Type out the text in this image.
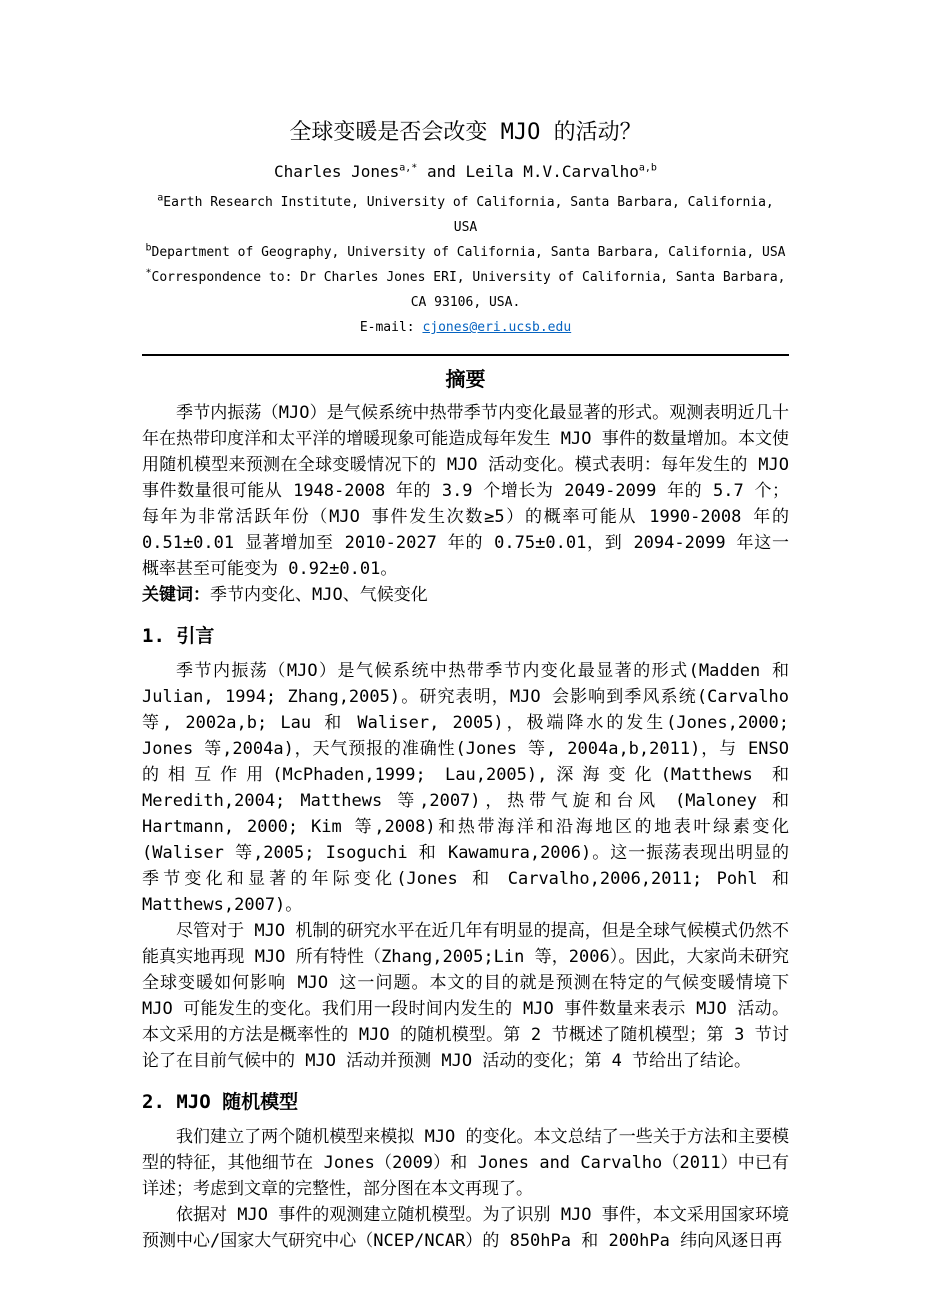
全球变暖是否会改变 MJO 的活动？
Charles Jones$^{a,*}$ and Leila M.V.Carvalho$^{a,b}$
$^a$Earth Research Institute, University of California, Santa Barbara, California, USA
$^b$Department of Geography, University of California, Santa Barbara, California, USA
*Correspondence to: Dr Charles Jones ERI, University of California, Santa Barbara,
CA 93106, USA.
E-mail: cjones@eri.ucsb.edu
摘要

季节内振荡（MJO）是气候系统中热带季节内变化最显著的形式。观测表明近几十年在热带印度洋和太平洋的增暖现象可能造成每年发生 MJO 事件的数量增加。本文使用随机模型来预测在全球变暖情况下的 MJO 活动变化。模式表明：每年发生的 MJO 事件数量很可能从 1948-2008 年的 3.9 个增长为 2049-2099 年的 5.7 个；每年为非常活跃年份（MJO 事件发生次数≥5）的概率可能从 1990-2008 年的 0.51±0.01 显著增加至 2010-2027 年的 0.75±0.01，到 2094-2099 年这一概率甚至可能变为 0.92±0.01。

关键词：季节内变化、MJO、气候变化

1. 引言

季节内振荡（MJO）是气候系统中热带季节内变化最显著的形式(Madden 和 Julian, 1994; Zhang,2005)。研究表明，MJO 会影响到季风系统(Carvalho 等, 2002a,b; Lau 和 Waliser, 2005)，极端降水的发生(Jones,2000; Jones 等,2004a)，天气预报的准确性(Jones 等, 2004a,b,2011)，与 ENSO 的相互作用(McPhaden,1999; Lau,2005),深海变化(Matthews 和 Meredith,2004; Matthews 等,2007)，热带气旋和台风 (Maloney 和 Hartmann, 2000; Kim 等,2008)和热带海洋和沿海地区的地表叶绿素变化(Waliser 等,2005; Isoguchi 和 Kawamura,2006)。这一振荡表现出明显的季节变化和显著的年际变化(Jones 和 Carvalho,2006,2011; Pohl 和 Matthews,2007)。

尽管对于 MJO 机制的研究水平在近几年有明显的提高，但是全球气候模式仍然不能真实地再现 MJO 所有特性（Zhang,2005;Lin 等，2006）。因此，大家尚未研究全球变暖如何影响 MJO 这一问题。本文的目的就是预测在特定的气候变暖情境下 MJO 可能发生的变化。我们用一段时间内发生的 MJO 事件数量来表示 MJO 活动。本文采用的方法是概率性的 MJO 的随机模型。第 2 节概述了随机模型；第 3 节讨论了在目前气候中的 MJO 活动并预测 MJO 活动的变化；第 4 节给出了结论。

2. MJO 随机模型

我们建立了两个随机模型来模拟 MJO 的变化。本文总结了一些关于方法和主要模型的特征，其他细节在 Jones（2009）和 Jones and Carvalho（2011）中已有详述；考虑到文章的完整性，部分图在本文再现了。

依据对 MJO 事件的观测建立随机模型。为了识别 MJO 事件，本文采用国家环境预测中心/国家大气研究中心（NCEP/NCAR）的 850hPa 和 200hPa 纬向风逐日再
